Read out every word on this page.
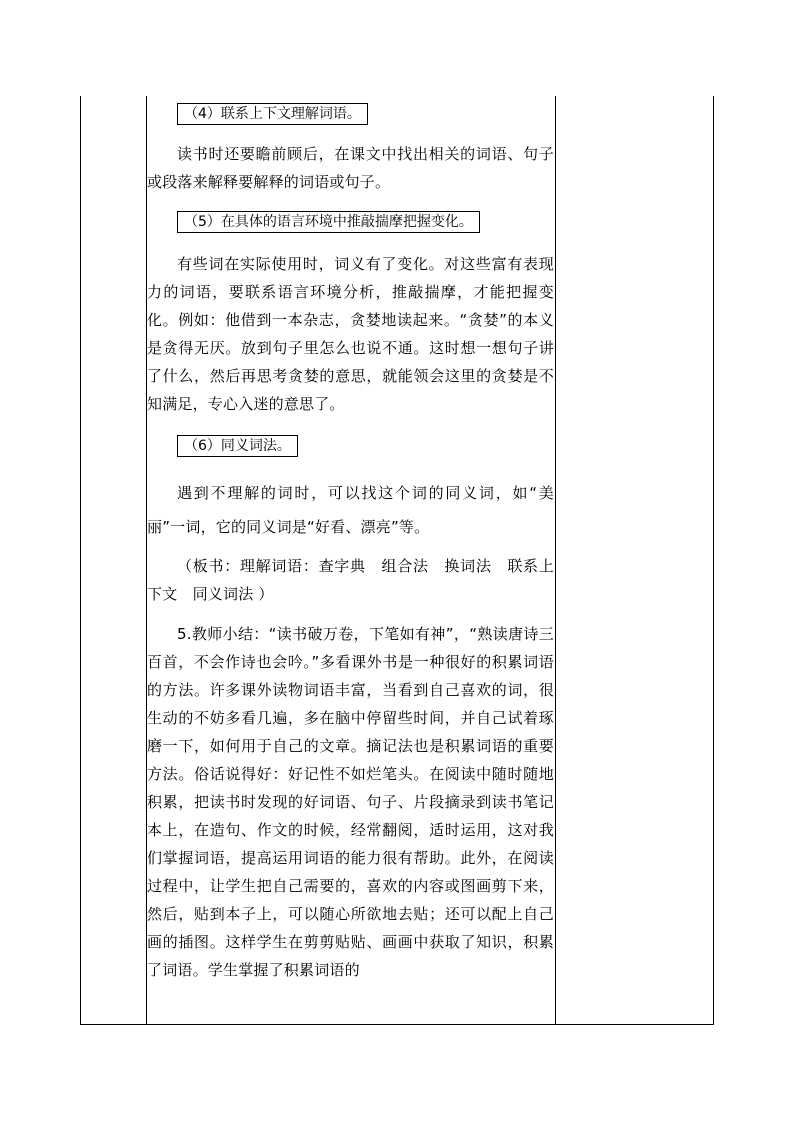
（4）联系上下文理解词语。

读书时还要瞻前顾后，在课文中找出相关的词语、句子或段落来解释要解释的词语或句子。

（5）在具体的语言环境中推敲揣摩把握变化。

有些词在实际使用时，词义有了变化。对这些富有表现力的词语，要联系语言环境分析，推敲揣摩，才能把握变化。例如：他借到一本杂志，贪婪地读起来。“贪婪”的本义是贪得无厌。放到句子里怎么也说不通。这时想一想句子讲了什么，然后再思考贪婪的意思，就能领会这里的贪婪是不知满足，专心入迷的意思了。

（6）同义词法。

遇到不理解的词时，可以找这个词的同义词，如“美丽”一词，它的同义词是“好看、漂亮”等。

（板书：理解词语：查字典　组合法　换词法　联系上下文　同义词法 ）

5.教师小结：“读书破万卷，下笔如有神”，“熟读唐诗三百首，不会作诗也会吟。”多看课外书是一种很好的积累词语的方法。许多课外读物词语丰富，当看到自己喜欢的词，很生动的不妨多看几遍，多在脑中停留些时间，并自己试着琢磨一下，如何用于自己的文章。摘记法也是积累词语的重要方法。俗话说得好：好记性不如烂笔头。在阅读中随时随地积累，把读书时发现的好词语、句子、片段摘录到读书笔记本上，在造句、作文的时候，经常翻阅，适时运用，这对我们掌握词语，提高运用词语的能力很有帮助。此外，在阅读过程中，让学生把自己需要的，喜欢的内容或图画剪下来，然后，贴到本子上，可以随心所欲地去贴；还可以配上自己画的插图。这样学生在剪剪贴贴、画画中获取了知识，积累了词语。学生掌握了积累词语的
